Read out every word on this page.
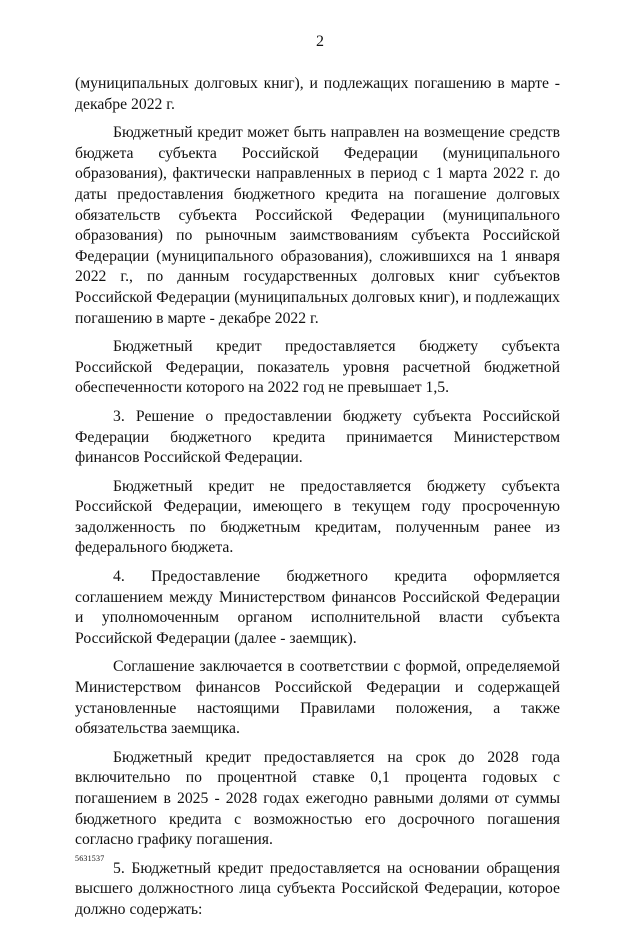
2

(муниципальных долговых книг), и подлежащих погашению в марте - декабре 2022 г.

Бюджетный кредит может быть направлен на возмещение средств бюджета субъекта Российской Федерации (муниципального образования), фактически направленных в период с 1 марта 2022 г. до даты предоставления бюджетного кредита на погашение долговых обязательств субъекта Российской Федерации (муниципального образования) по рыночным заимствованиям субъекта Российской Федерации (муниципального образования), сложившихся на 1 января 2022 г., по данным государственных долговых книг субъектов Российской Федерации (муниципальных долговых книг), и подлежащих погашению в марте - декабре 2022 г.

Бюджетный кредит предоставляется бюджету субъекта Российской Федерации, показатель уровня расчетной бюджетной обеспеченности которого на 2022 год не превышает 1,5.

3. Решение о предоставлении бюджету субъекта Российской Федерации бюджетного кредита принимается Министерством финансов Российской Федерации.

Бюджетный кредит не предоставляется бюджету субъекта Российской Федерации, имеющего в текущем году просроченную задолженность по бюджетным кредитам, полученным ранее из федерального бюджета.

4. Предоставление бюджетного кредита оформляется соглашением между Министерством финансов Российской Федерации и уполномоченным органом исполнительной власти субъекта Российской Федерации (далее - заемщик).

Соглашение заключается в соответствии с формой, определяемой Министерством финансов Российской Федерации и содержащей установленные настоящими Правилами положения, а также обязательства заемщика.

Бюджетный кредит предоставляется на срок до 2028 года включительно по процентной ставке 0,1 процента годовых с погашением в 2025 - 2028 годах ежегодно равными долями от суммы бюджетного кредита с возможностью его досрочного погашения согласно графику погашения.

5. Бюджетный кредит предоставляется на основании обращения высшего должностного лица субъекта Российской Федерации, которое должно содержать:

5631537
